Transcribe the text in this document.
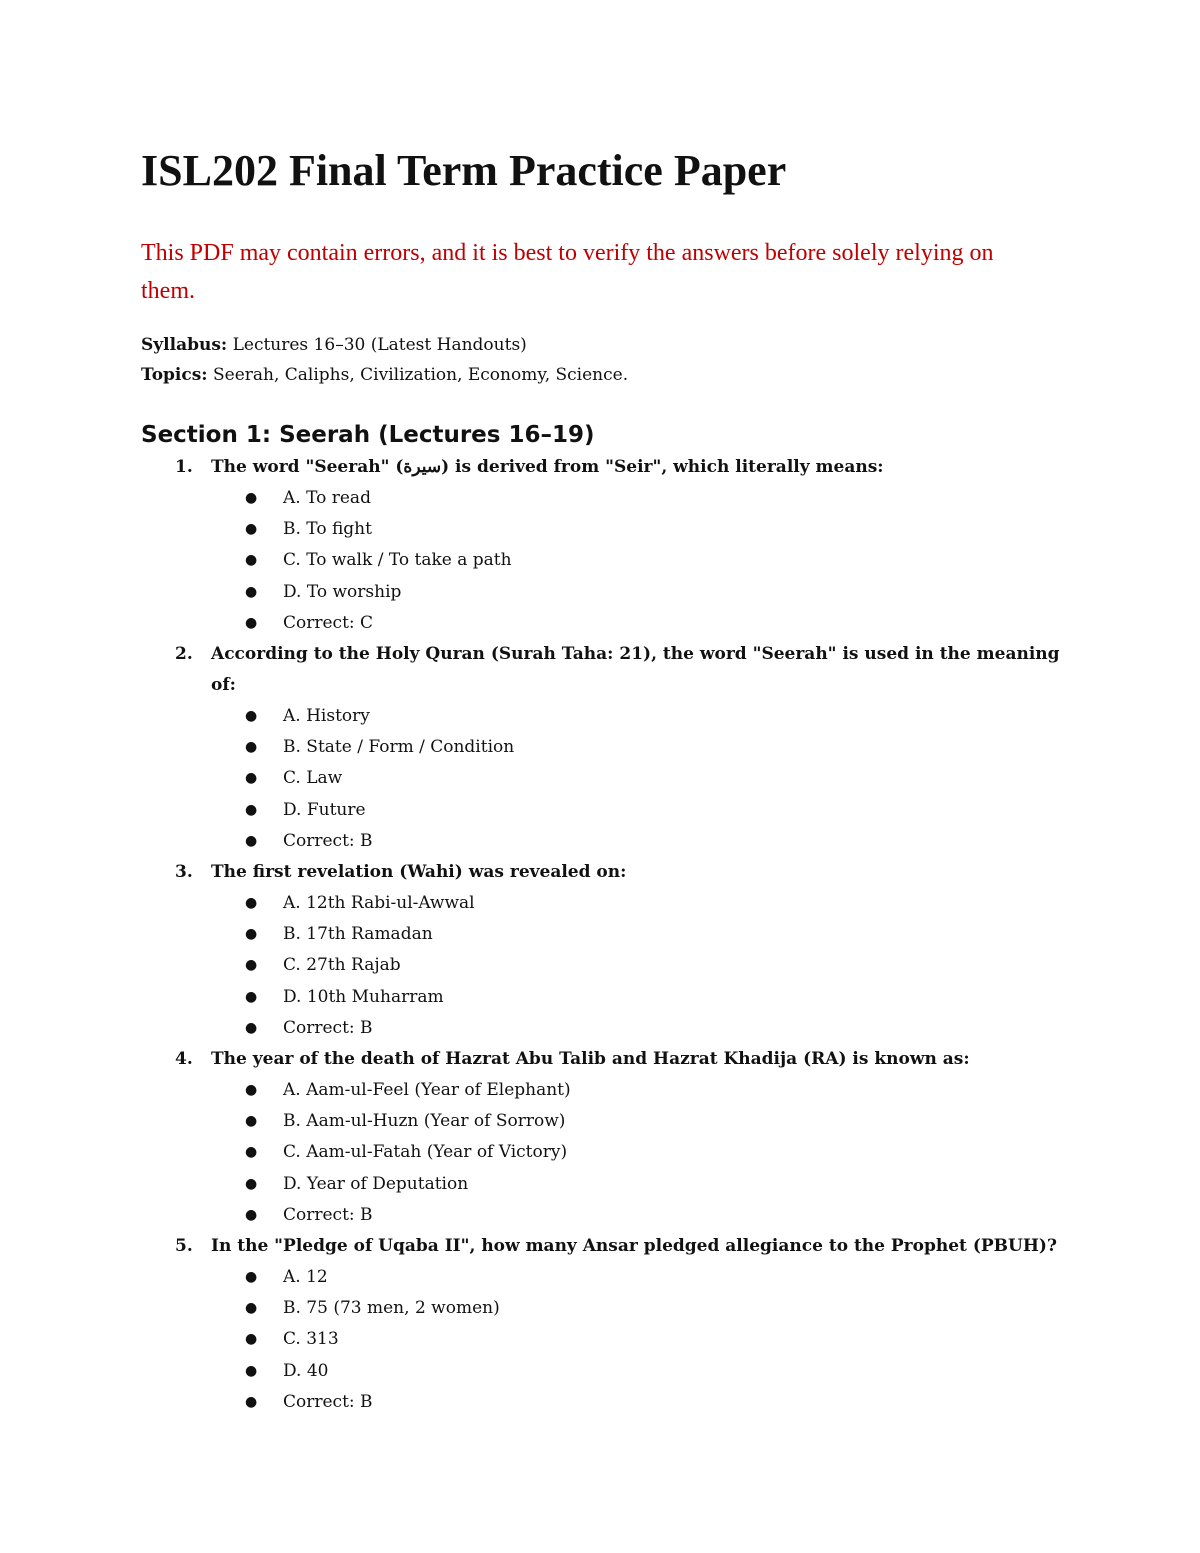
ISL202 Final Term Practice Paper

This PDF may contain errors, and it is best to verify the answers before solely relying on them.

Syllabus: Lectures 16–30 (Latest Handouts)

Topics: Seerah, Caliphs, Civilization, Economy, Science.

Section 1: Seerah (Lectures 16–19)
1.	The word "Seerah" (سیرة) is derived from "Seir", which literally means:
●	A. To read
●	B. To fight
●	C. To walk / To take a path
●	D. To worship
●	Correct: C
2.	According to the Holy Quran (Surah Taha: 21), the word "Seerah" is used in the meaning of:
●	A. History
●	B. State / Form / Condition
●	C. Law
●	D. Future
●	Correct: B
3.	The first revelation (Wahi) was revealed on:
●	A. 12th Rabi-ul-Awwal
●	B. 17th Ramadan
●	C. 27th Rajab
●	D. 10th Muharram
●	Correct: B
4.	The year of the death of Hazrat Abu Talib and Hazrat Khadija (RA) is known as:
●	A. Aam-ul-Feel (Year of Elephant)
●	B. Aam-ul-Huzn (Year of Sorrow)
●	C. Aam-ul-Fatah (Year of Victory)
●	D. Year of Deputation
●	Correct: B
5.	In the "Pledge of Uqaba II", how many Ansar pledged allegiance to the Prophet (PBUH)?
●	A. 12
●	B. 75 (73 men, 2 women)
●	C. 313
●	D. 40
●	Correct: B
